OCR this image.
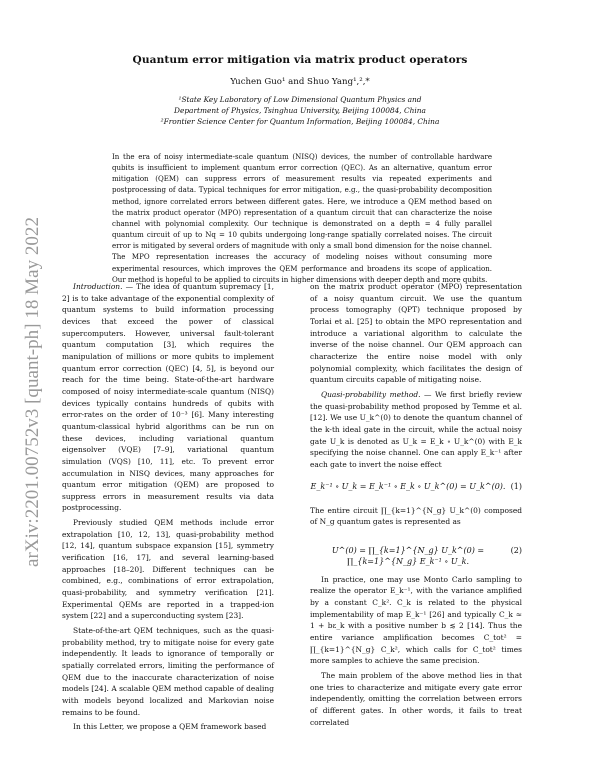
arXiv:2201.00752v3 [quant-ph] 18 May 2022
Quantum error mitigation via matrix product operators
Yuchen Guo¹ and Shuo Yang¹,²,*
¹State Key Laboratory of Low Dimensional Quantum Physics and
Department of Physics, Tsinghua University, Beijing 100084, China
²Frontier Science Center for Quantum Information, Beijing 100084, China

In the era of noisy intermediate-scale quantum (NISQ) devices, the number of controllable hardware qubits is insufficient to implement quantum error correction (QEC). As an alternative, quantum error mitigation (QEM) can suppress errors of measurement results via repeated experiments and postprocessing of data. Typical techniques for error mitigation, e.g., the quasi-probability decomposition method, ignore correlated errors between different gates. Here, we introduce a QEM method based on the matrix product operator (MPO) representation of a quantum circuit that can characterize the noise channel with polynomial complexity. Our technique is demonstrated on a depth = 4 fully parallel quantum circuit of up to Nq = 10 qubits undergoing long-range spatially correlated noises. The circuit error is mitigated by several orders of magnitude with only a small bond dimension for the noise channel. The MPO representation increases the accuracy of modeling noises without consuming more experimental resources, which improves the QEM performance and broadens its scope of application. Our method is hopeful to be applied to circuits in higher dimensions with deeper depth and more qubits.

Introduction. — The idea of quantum supremacy [1, 2] is to take advantage of the exponential complexity of quantum systems to build information processing devices that exceed the power of classical supercomputers. However, universal fault-tolerant quantum computation [3], which requires the manipulation of millions or more qubits to implement quantum error correction (QEC) [4, 5], is beyond our reach for the time being. State-of-the-art hardware composed of noisy intermediate-scale quantum (NISQ) devices typically contains hundreds of qubits with error-rates on the order of 10⁻³ [6]. Many interesting quantum-classical hybrid algorithms can be run on these devices, including variational quantum eigensolver (VQE) [7–9], variational quantum simulation (VQS) [10, 11], etc. To prevent error accumulation in NISQ devices, many approaches for quantum error mitigation (QEM) are proposed to suppress errors in measurement results via data postprocessing.

Previously studied QEM methods include error extrapolation [10, 12, 13], quasi-probability method [12, 14], quantum subspace expansion [15], symmetry verification [16, 17], and several learning-based approaches [18–20]. Different techniques can be combined, e.g., combinations of error extrapolation, quasi-probability, and symmetry verification [21]. Experimental QEMs are reported in a trapped-ion system [22] and a superconducting system [23].

State-of-the-art QEM techniques, such as the quasi-probability method, try to mitigate noise for every gate independently. It leads to ignorance of temporally or spatially correlated errors, limiting the performance of QEM due to the inaccurate characterization of noise models [24]. A scalable QEM method capable of dealing with models beyond localized and Markovian noise remains to be found.

In this Letter, we propose a QEM framework based

on the matrix product operator (MPO) representation of a noisy quantum circuit. We use the quantum process tomography (QPT) technique proposed by Torlai et al. [25] to obtain the MPO representation and introduce a variational algorithm to calculate the inverse of the noise channel. Our QEM approach can characterize the entire noise model with only polynomial complexity, which facilitates the design of quantum circuits capable of mitigating noise.

Quasi-probability method. — We first briefly review the quasi-probability method proposed by Temme et al. [12]. We use U_k^(0) to denote the quantum channel of the k-th ideal gate in the circuit, while the actual noisy gate U_k is denoted as U_k = E_k ∘ U_k^(0) with E_k specifying the noise channel. One can apply E_k⁻¹ after each gate to invert the noise effect

E_k⁻¹ ∘ U_k = E_k⁻¹ ∘ E_k ∘ U_k^(0) = U_k^(0). (1)

The entire circuit ∏_{k=1}^{N_g} U_k^(0) composed of N_g quantum gates is represented as

U^(0) = ∏_{k=1}^{N_g} U_k^(0) = ∏_{k=1}^{N_g} E_k⁻¹ ∘ U_k.
(2)

In practice, one may use Monto Carlo sampling to realize the operator E_k⁻¹, with the variance amplified by a constant C_k². C_k is related to the physical implementability of map E_k⁻¹ [26] and typically C_k ≈ 1 + bε_k with a positive number b ≲ 2 [14]. Thus the entire variance amplification becomes C_tot² = ∏_{k=1}^{N_g} C_k², which calls for C_tot² times more samples to achieve the same precision.

The main problem of the above method lies in that one tries to characterize and mitigate every gate error independently, omitting the correlation between errors of different gates. In other words, it fails to treat correlated
